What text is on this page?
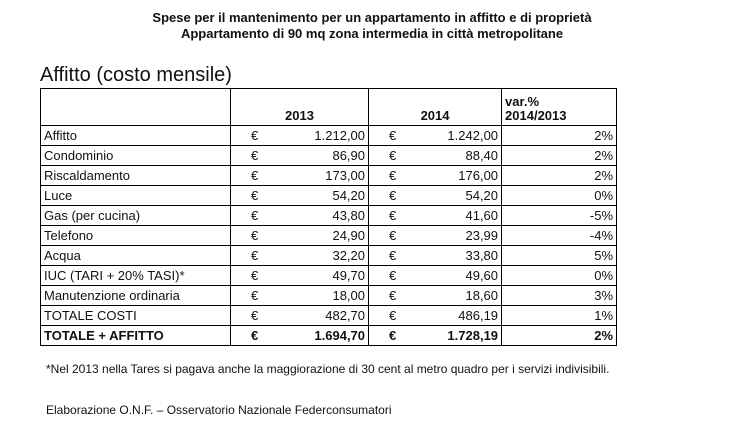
Spese per il mantenimento per un appartamento in affitto e di proprietà
Appartamento di 90 mq zona intermedia in città metropolitane
Affitto (costo mensile)
	2013		2014		var.%
2014/2013
Affitto	€	1.212,00	€	1.242,00	2%
Condominio	€	86,90	€	88,40	2%
Riscaldamento	€	173,00	€	176,00	2%
Luce	€	54,20	€	54,20	0%
Gas (per cucina)	€	43,80	€	41,60	-5%
Telefono	€	24,90	€	23,99	-4%
Acqua	€	32,20	€	33,80	5%
IUC (TARI + 20% TASI)*	€	49,70	€	49,60	0%
Manutenzione ordinaria	€	18,00	€	18,60	3%
TOTALE COSTI	€	482,70	€	486,19	1%
TOTALE + AFFITTO	€	1.694,70	€	1.728,19	2%
*Nel 2013 nella Tares si pagava anche la maggiorazione di 30 cent al metro quadro per i servizi indivisibili.
Elaborazione O.N.F. – Osservatorio Nazionale Federconsumatori
